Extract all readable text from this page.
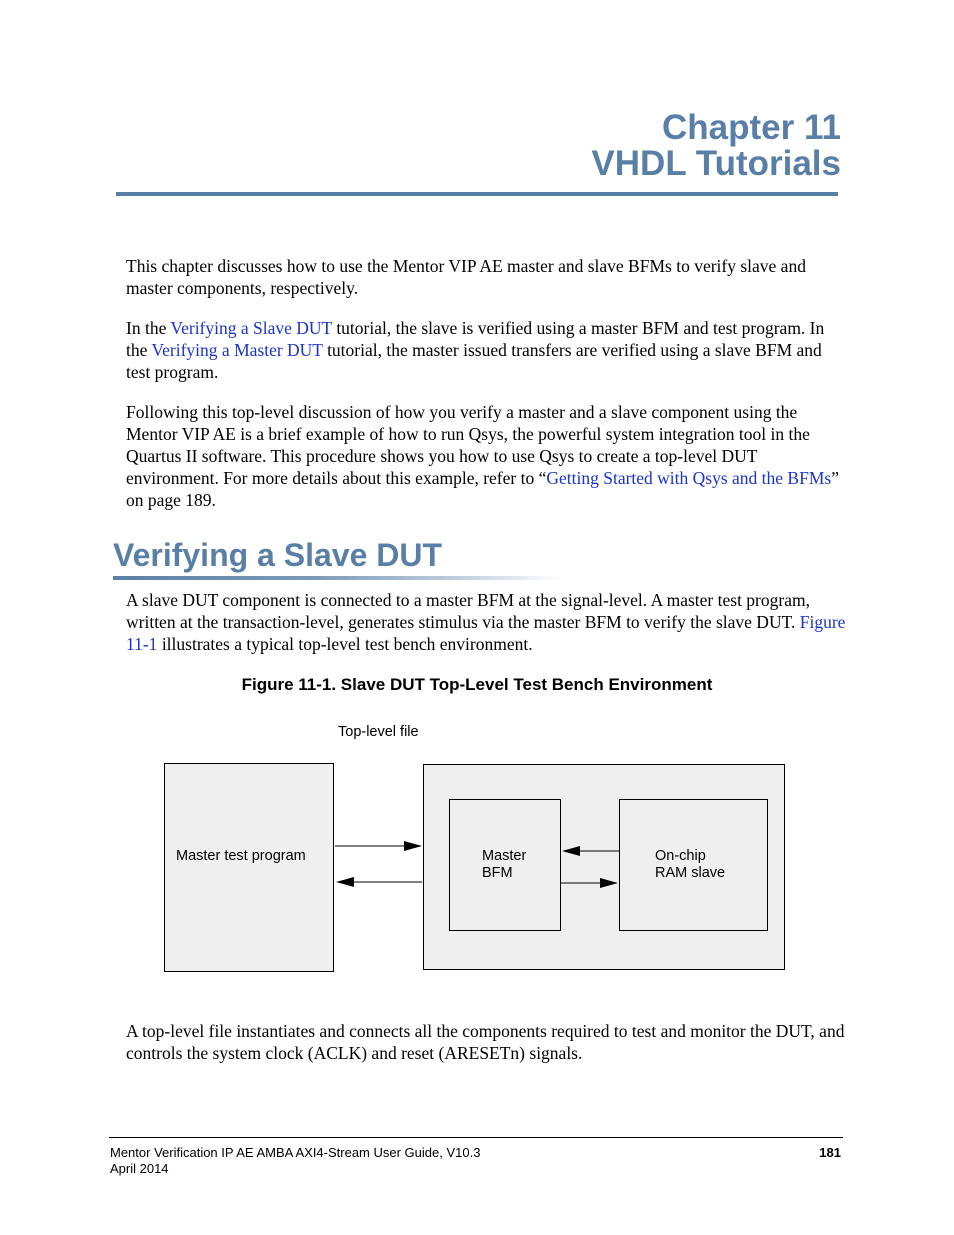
Chapter 11
VHDL Tutorials

This chapter discusses how to use the Mentor VIP AE master and slave BFMs to verify slave and master components, respectively.

In the Verifying a Slave DUT tutorial, the slave is verified using a master BFM and test program. In the Verifying a Master DUT tutorial, the master issued transfers are verified using a slave BFM and test program.

Following this top-level discussion of how you verify a master and a slave component using the Mentor VIP AE is a brief example of how to run Qsys, the powerful system integration tool in the Quartus II software. This procedure shows you how to use Qsys to create a top-level DUT environment. For more details about this example, refer to “Getting Started with Qsys and the BFMs” on page 189.

Verifying a Slave DUT

A slave DUT component is connected to a master BFM at the signal-level. A master test program, written at the transaction-level, generates stimulus via the master BFM to verify the slave DUT. Figure 11-1 illustrates a typical top-level test bench environment.

Figure 11-1. Slave DUT Top-Level Test Bench Environment

Top-level file
Master test program	Master
BFM
On-chip
RAM slave

A top-level file instantiates and connects all the components required to test and monitor the DUT, and controls the system clock (ACLK) and reset (ARESETn) signals.

Mentor Verification IP AE AMBA AXI4-Stream User Guide, V10.3
April 2014
181
